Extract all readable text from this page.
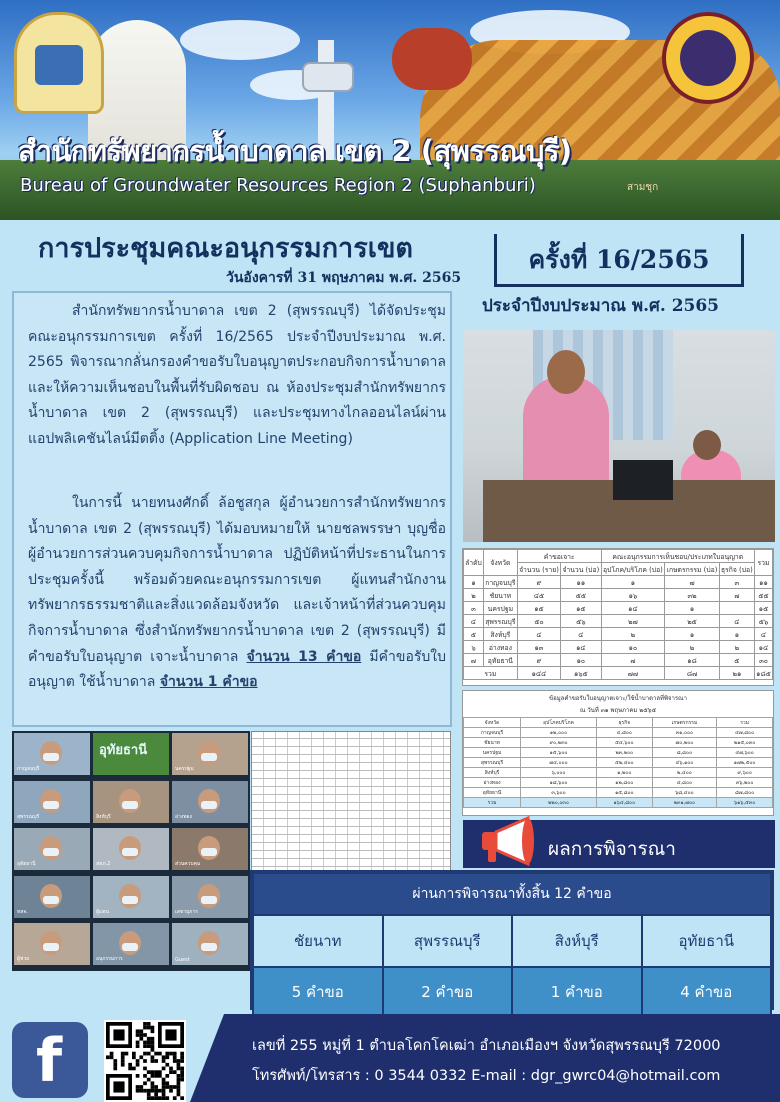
สำนักทรัพยากรน้ำบาดาล เขต 2 (สุพรรณบุรี)
Bureau of Groundwater Resources Region 2 (Suphanburi)	สามชุก
การประชุมคณะอนุกรรมการเขต
วันอังคารที่ 31 พฤษภาคม พ.ศ. 2565
ครั้งที่ 16/2565
ประจำปีงบประมาณ พ.ศ. 2565
สำนักทรัพยากรน้ำบาดาล เขต 2 (สุพรรณบุรี) ได้จัดประชุมคณะอนุกรรมการเขต ครั้งที่ 16/2565 ประจำปีงบประมาณ พ.ศ. 2565 พิจารณากลั่นกรองคำขอรับใบอนุญาตประกอบกิจการน้ำบาดาล และให้ความเห็นชอบในพื้นที่รับผิดชอบ ณ ห้องประชุมสำนักทรัพยากรน้ำบาดาล เขต 2 (สุพรรณบุรี) และประชุมทางไกลออนไลน์ผ่านแอปพลิเคชันไลน์มีตติ้ง (Application Line Meeting)
ในการนี้ นายทนงศักดิ์ ล้อชูสกุล ผู้อำนวยการสำนักทรัพยากรน้ำบาดาล เขต 2 (สุพรรณบุรี) ได้มอบหมายให้ นายชลพรรษา บุญชื่อ ผู้อำนวยการส่วนควบคุมกิจการน้ำบาดาล ปฏิบัติหน้าที่ประธานในการประชุมครั้งนี้ พร้อมด้วยคณะอนุกรรมการเขต ผู้แทนสำนักงานทรัพยากรธรรมชาติและสิ่งแวดล้อมจังหวัด และเจ้าหน้าที่ส่วนควบคุมกิจการน้ำบาดาล ซึ่งสำนักทรัพยากรน้ำบาดาล เขต 2 (สุพรรณบุรี) มีคำขอรับใบอนุญาต เจาะน้ำบาดาล จำนวน 13 คำขอ มีคำขอรับใบอนุญาต ใช้น้ำบาดาล จำนวน 1 คำขอ
ลำดับ	จังหวัด	คำขอเจาะ		คณะอนุกรรมการเห็นชอบ/ประเภทใบอนุญาต			รวม
		จำนวน (ราย)	จำนวน (บ่อ)	อุปโภค/บริโภค (บ่อ)	เกษตรกรรม (บ่อ)	ธุรกิจ (บ่อ)	
๑	กาญจนบุรี	๙	๑๑	๑	๗	๓	๑๑
๒	ชัยนาท	๔๕	๕๕	๑๖	๓๒	๗	๕๕
๓	นครปฐม	๑๕	๑๕	๑๔	๑		๑๕
๔	สุพรรณบุรี	๕๐	๕๖	๒๗	๒๕	๔	๕๖
๕	สิงห์บุรี	๔	๔	๒	๑	๑	๔
๖	อ่างทอง	๑๓	๑๔	๑๐	๒	๒	๑๔
๗	อุทัยธานี	๙	๑๐	๗	๑๘	๕	๓๐
รวม		๑๔๔	๑๖๕	๗๗	๘๗	๒๑	๑๘๕
ข้อมูลคำขอรับใบอนุญาตเจาะ/ใช้น้ำบาดาลที่พิจารณา
ณ วันที่ ๓๑ พฤษภาคม ๒๕๖๕
จังหวัด	อุปโภคบริโภค	ธุรกิจ	เกษตรกรรม	รวม
กาญจนบุรี	๑๒,๐๐๐	๔,๘๐๐	๓๑,๐๐๐	๔๗,๘๐๐
ชัยนาท	๙๐,๒๓๐	๕๔,๖๐๐	๗๐,๒๐๐	๒๑๕,๐๓๐
นครปฐม	๑๕,๖๐๐	๒๓,๒๐๐	๘,๘๐๐	๔๗,๖๐๐
สุพรรณบุรี	๗๔,๐๐๐	๕๒,๔๐๐	๔๖,๑๐๐	๑๗๒,๕๐๐
สิงห์บุรี	๖,๐๐๐	๑,๒๐๐	๒,๔๐๐	๙,๖๐๐
อ่างทอง	๑๘,๖๐๐	๑๒,๘๐๐	๔,๘๐๐	๓๖,๒๐๐
อุทัยธานี	๓,๖๐๐	๑๕,๘๐๐	๖๘,๔๐๐	๘๗,๘๐๐
รวม	๒๒๐,๐๓๐	๑๖๔,๘๐๐	๒๓๑,๗๐๐	๖๑๖,๕๓๐
กาญจนบุรี
อุทัยธานี
นครปฐม
สุพรรณบุรี	สิงห์บุรี	อ่างทอง
อุทัยธานี	สทภ.2	ส่วนควบคุม
ทสจ.	ผู้แทน	เลขานุการ
ผู้ช่วย	อนุกรรมการ	Guest
ผลการพิจารณา
ผ่านการพิจารณาทั้งสิ้น 12 คำขอ			
ชัยนาท	สุพรรณบุรี	สิงห์บุรี	อุทัยธานี
5 คำขอ	2 คำขอ	1 คำขอ	4 คำขอ
f	เลขที่ 255 หมู่ที่ 1 ตำบลโคกโคเฒ่า อำเภอเมืองฯ จังหวัดสุพรรณบุรี 72000
โทรศัพท์/โทรสาร : 0 3544 0332 E-mail : dgr_gwrc04@hotmail.com
